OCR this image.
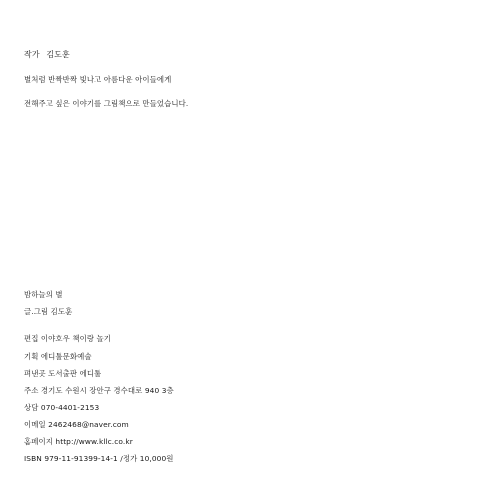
작가 김도훈
별처럼 반짝반짝 빛나고 아름다운 아이들에게
전해주고 싶은 이야기를 그림책으로 만들었습니다.
밤하늘의 별
글.그림 김도훈
편집 이야호우 책이랑 놀기
기획 에디툴문화예술
펴낸곳 도서출판 에디툴
주소 경기도 수원시 장안구 경수대로 940 3층
상담 070-4401-2153
이메일 2462468@naver.com
홈페이지 http://www.kllc.co.kr
ISBN 979-11-91399-14-1 /정가 10,000원
